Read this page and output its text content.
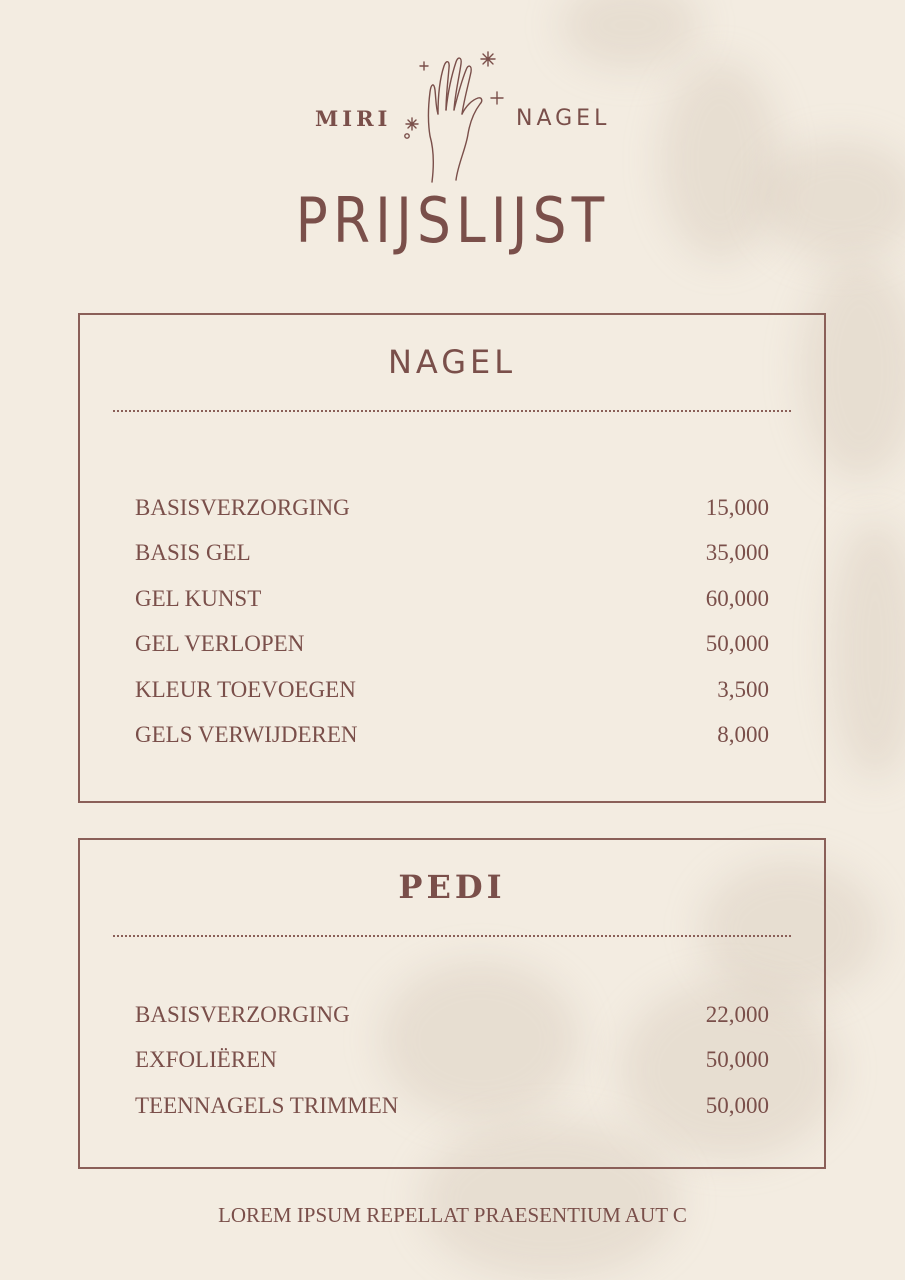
MIRI	NAGEL
PRIJSLIJST
NAGEL
BASISVERZORGING	15,000
BASIS GEL	35,000
GEL KUNST	60,000
GEL VERLOPEN	50,000
KLEUR TOEVOEGEN	3,500
GELS VERWIJDEREN	8,000
PEDI
BASISVERZORGING	22,000
EXFOLIËREN	50,000
TEENNAGELS TRIMMEN	50,000
LOREM IPSUM REPELLAT PRAESENTIUM AUT C
